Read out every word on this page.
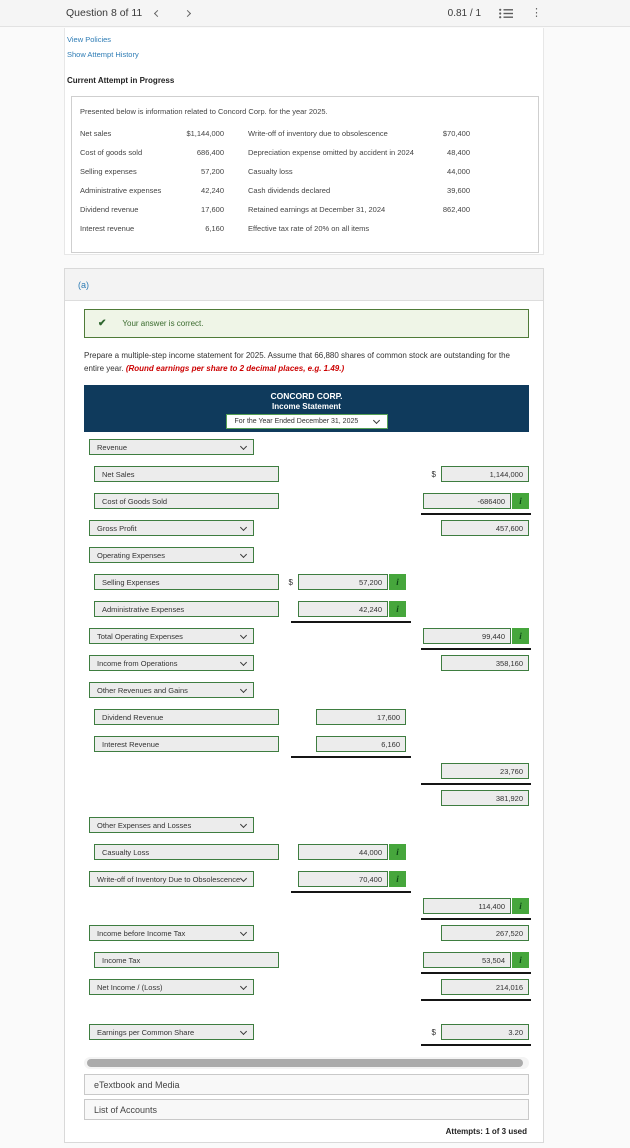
Question 8 of 11	0.81 / 1	⋮
View Policies
Show Attempt History
Current Attempt in Progress
Presented below is information related to Concord Corp. for the year 2025.
Net sales	$1,144,000	Write-off of inventory due to obsolescence	$70,400
Cost of goods sold	686,400	Depreciation expense omitted by accident in 2024	48,400
Selling expenses	57,200	Casualty loss	44,000
Administrative expenses	42,240	Cash dividends declared	39,600
Dividend revenue	17,600	Retained earnings at December 31, 2024	862,400
Interest revenue	6,160	Effective tax rate of 20% on all items
(a)
✔ Your answer is correct.
Prepare a multiple-step income statement for 2025. Assume that 66,880 shares of common stock are outstanding for the entire year. (Round earnings per share to 2 decimal places, e.g. 1.49.)
CONCORD CORP.
Income Statement
For the Year Ended December 31, 2025
Revenue
Net Sales	$	1,144,000
Cost of Goods Sold	-686400	i
Gross Profit	457,600
Operating Expenses
Selling Expenses	$	57,200	i
Administrative Expenses	42,240	i
Total Operating Expenses	99,440	i
Income from Operations	358,160
Other Revenues and Gains
Dividend Revenue	17,600
Interest Revenue	6,160
23,760
381,920
Other Expenses and Losses
Casualty Loss	44,000	i
Write-off of Inventory Due to Obsolescence	70,400	i
114,400	i
Income before Income Tax	267,520
Income Tax	53,504	i
Net Income / (Loss)	214,016
Earnings per Common Share	$	3.20
eTextbook and Media
List of Accounts
Attempts: 1 of 3 used
